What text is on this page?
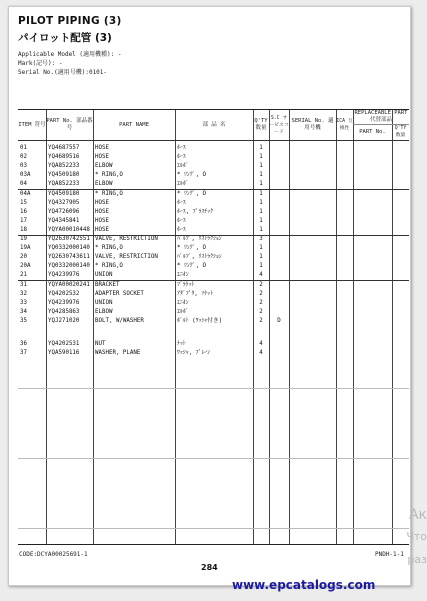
PILOT PIPING (3)
パイロット配管 (3)
Applicable Model (適用機種): -
Mark(記号): -
Serial No.(適用号機):0101-
ITEM 符号
PART No. 部品番号
PART NAME	部 品 名
Q'TY 数量
S.C サービスコード
SERIAL No. 適用号機
ICA 互換性
REPLACEABLE PART 代替部品
PART No.	Q'TY 数量
01	YQ4687557	HOSE	ﾎｰｽ	1
02	YQ4689516	HOSE	ﾎｰｽ	1
03	YQA852233	ELBOW	ｴﾙﾎﾞ	1
03A	YQ4509180	* RING,O	* ﾘﾝｸﾞ, O	1
04	YQA852233	ELBOW	ｴﾙﾎﾞ	1
04A	YQ4509180	* RING,O	* ﾘﾝｸﾞ, O	1
15	YQ4327905	HOSE	ﾎｰｽ	1
16	YQ4726096	HOSE	ﾎｰｽ, ﾌﾟﾗｽﾁｯｸ	1
17	YQ4345841	HOSE	ﾎｰｽ	1
18	YQYA00010448 HOSE	ﾎｰｽ	1
19	YQ2630742551 VALVE, RESTRICTION	ﾊﾞﾙﾌﾞ, ﾘｽﾄﾗｸｼｮﾝ	3
19A	YQ0332000140 * RING,O	* ﾘﾝｸﾞ, O	1
20	YQ2630743611 VALVE, RESTRICTION	ﾊﾞﾙﾌﾞ, ﾘｽﾄﾗｸｼｮﾝ	1
20A	YQ0332000140 * RING,O	* ﾘﾝｸﾞ, O	1
21	YQ4239976	UNION	ﾕﾆｵﾝ	4
31	YQYA00020241 BRACKET	ﾌﾞﾗｹｯﾄ	2
32	YQ4202532	ADAPTER SOCKET	ｱﾀﾞﾌﾟﾀ, ｿｹｯﾄ	2
33	YQ4239976	UNION	ﾕﾆｵﾝ	2
34	YQ4285863	ELBOW	ｴﾙﾎﾞ	2
35	YQJ271020	BOLT, W/WASHER	ﾎﾞﾙﾄ (ﾜｯｼｬ付き)	2	D
36	YQ4202531	NUT	ﾅｯﾄ	4
37	YQA590116	WASHER, PLANE	ﾜｯｼｬ, ﾌﾟﾚｰﾝ	4
CODE:DCYA00025691-1	PNDH-1-1
284
Ак
Что
раз
www.epcatalogs.com
